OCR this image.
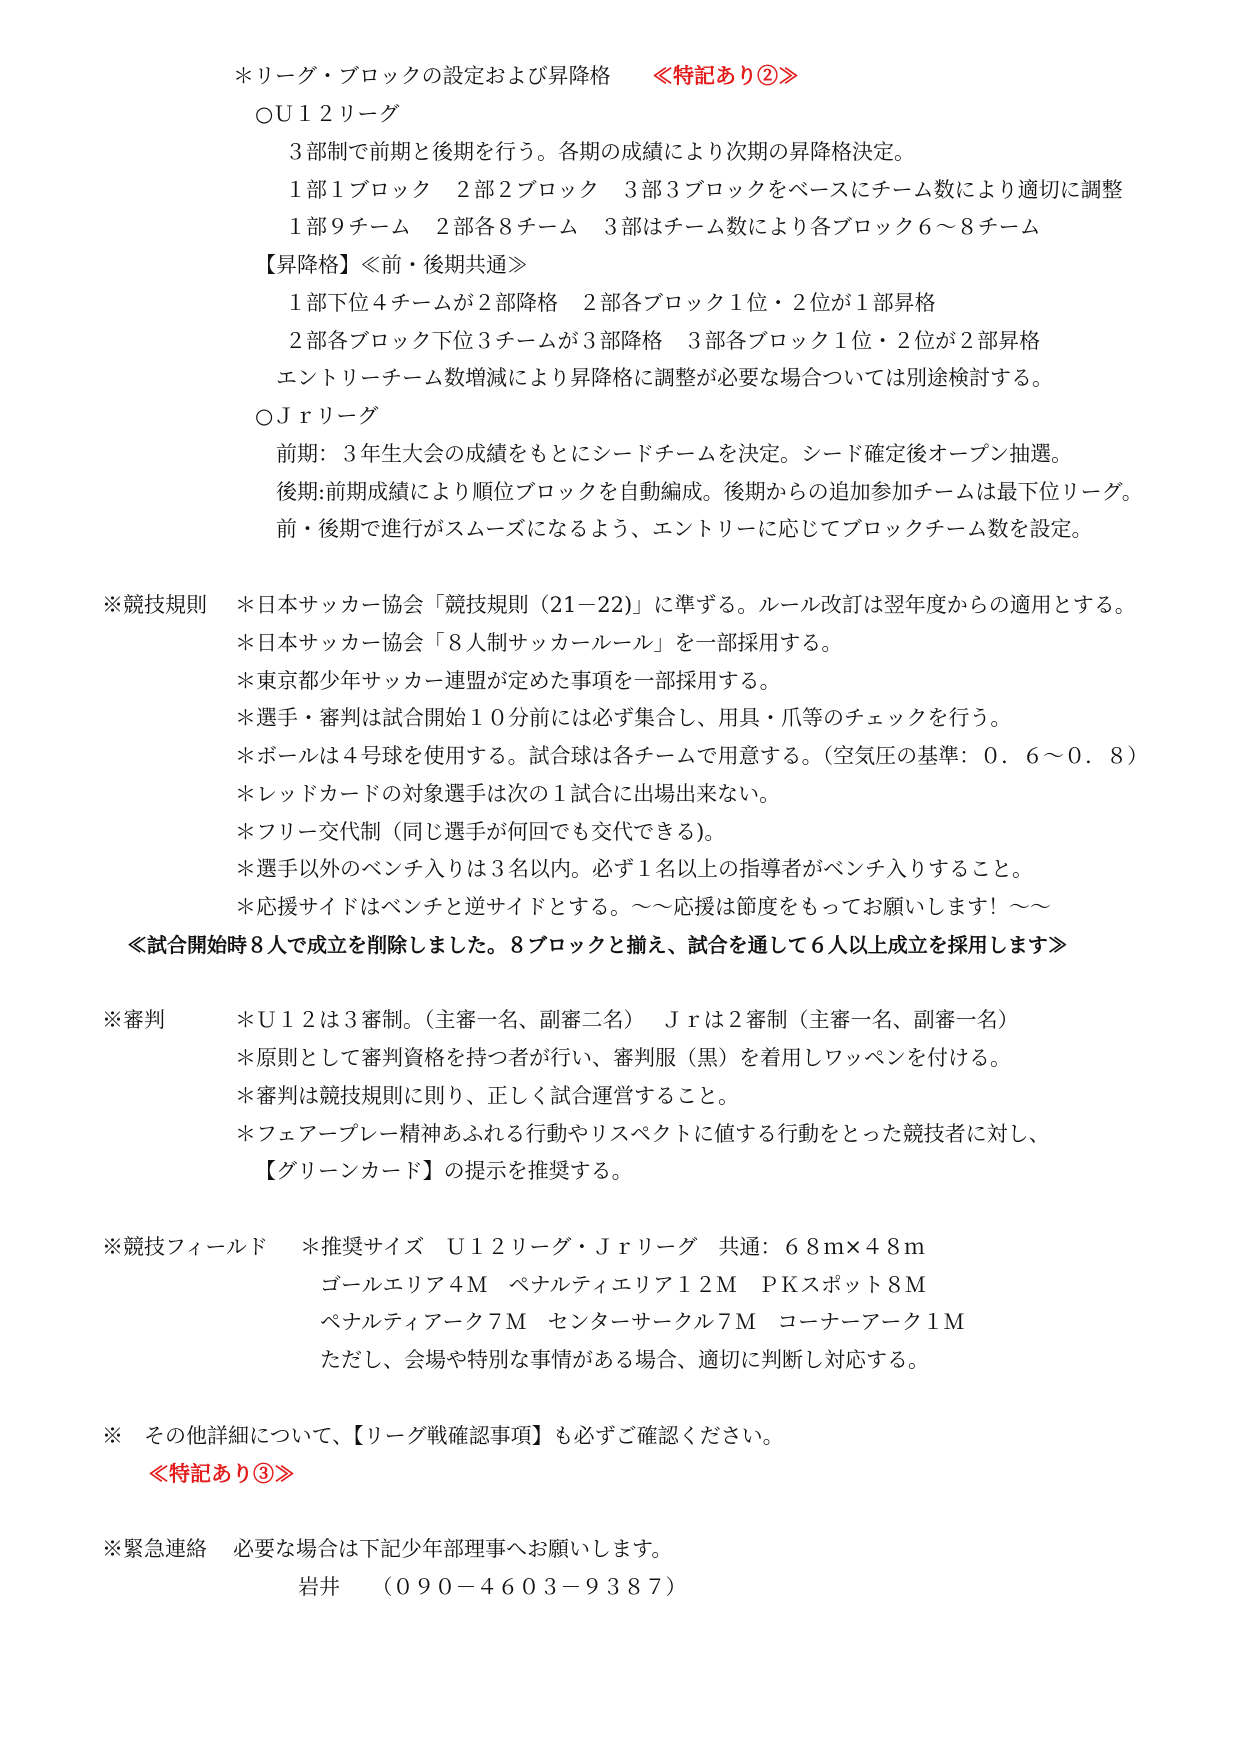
＊リーグ・ブロックの設定および昇降格 ≪特記あり②≫
○Ｕ１２リーグ
３部制で前期と後期を行う。各期の成績により次期の昇降格決定。
１部１ブロック　２部２ブロック　３部３ブロックをベースにチーム数により適切に調整
１部９チーム　２部各８チーム　３部はチーム数により各ブロック６～８チーム
【昇降格】≪前・後期共通≫
１部下位４チームが２部降格　２部各ブロック１位・２位が１部昇格
２部各ブロック下位３チームが３部降格　３部各ブロック１位・２位が２部昇格
エントリーチーム数増減により昇降格に調整が必要な場合ついては別途検討する。
○Ｊｒリーグ
前期：３年生大会の成績をもとにシードチームを決定。シード確定後オープン抽選。
後期:前期成績により順位ブロックを自動編成。後期からの追加参加チームは最下位リーグ。
前・後期で進行がスムーズになるよう、エントリーに応じてブロックチーム数を設定。
※競技規則 ＊日本サッカー協会「競技規則（21－22)」に準ずる。ルール改訂は翌年度からの適用とする。
＊日本サッカー協会「８人制サッカールール」を一部採用する。
＊東京都少年サッカー連盟が定めた事項を一部採用する。
＊選手・審判は試合開始１０分前には必ず集合し、用具・爪等のチェックを行う。
＊ボールは４号球を使用する。試合球は各チームで用意する。（空気圧の基準：０．６～０．８）
＊レッドカードの対象選手は次の１試合に出場出来ない。
＊フリー交代制（同じ選手が何回でも交代できる)。
＊選手以外のベンチ入りは３名以内。必ず１名以上の指導者がベンチ入りすること。
＊応援サイドはベンチと逆サイドとする。～～応援は節度をもってお願いします！～～
≪試合開始時８人で成立を削除しました。８ブロックと揃え、試合を通して６人以上成立を採用します≫
※審判	＊Ｕ１２は３審制。（主審一名、副審二名）　 Ｊｒは２審制（主審一名、副審一名）
＊原則として審判資格を持つ者が行い、審判服（黒）を着用しワッペンを付ける。
＊審判は競技規則に則り、正しく試合運営すること。
＊フェアープレー精神あふれる行動やリスペクトに値する行動をとった競技者に対し、
【グリーンカード】の提示を推奨する。
※競技フィールド ＊推奨サイズ　Ｕ１２リーグ・Ｊｒリーグ　共通：６８ｍ×４８ｍ
ゴールエリア４Ｍ　ペナルティエリア１２Ｍ　ＰＫスポット８Ｍ
ペナルティアーク７Ｍ　センターサークル７Ｍ　コーナーアーク１Ｍ
ただし、会場や特別な事情がある場合、適切に判断し対応する。
※　その他詳細について、【リーグ戦確認事項】も必ずご確認ください。
≪特記あり③≫
※緊急連絡 必要な場合は下記少年部理事へお願いします。
岩井　　（０９０－４６０３－９３８７）
